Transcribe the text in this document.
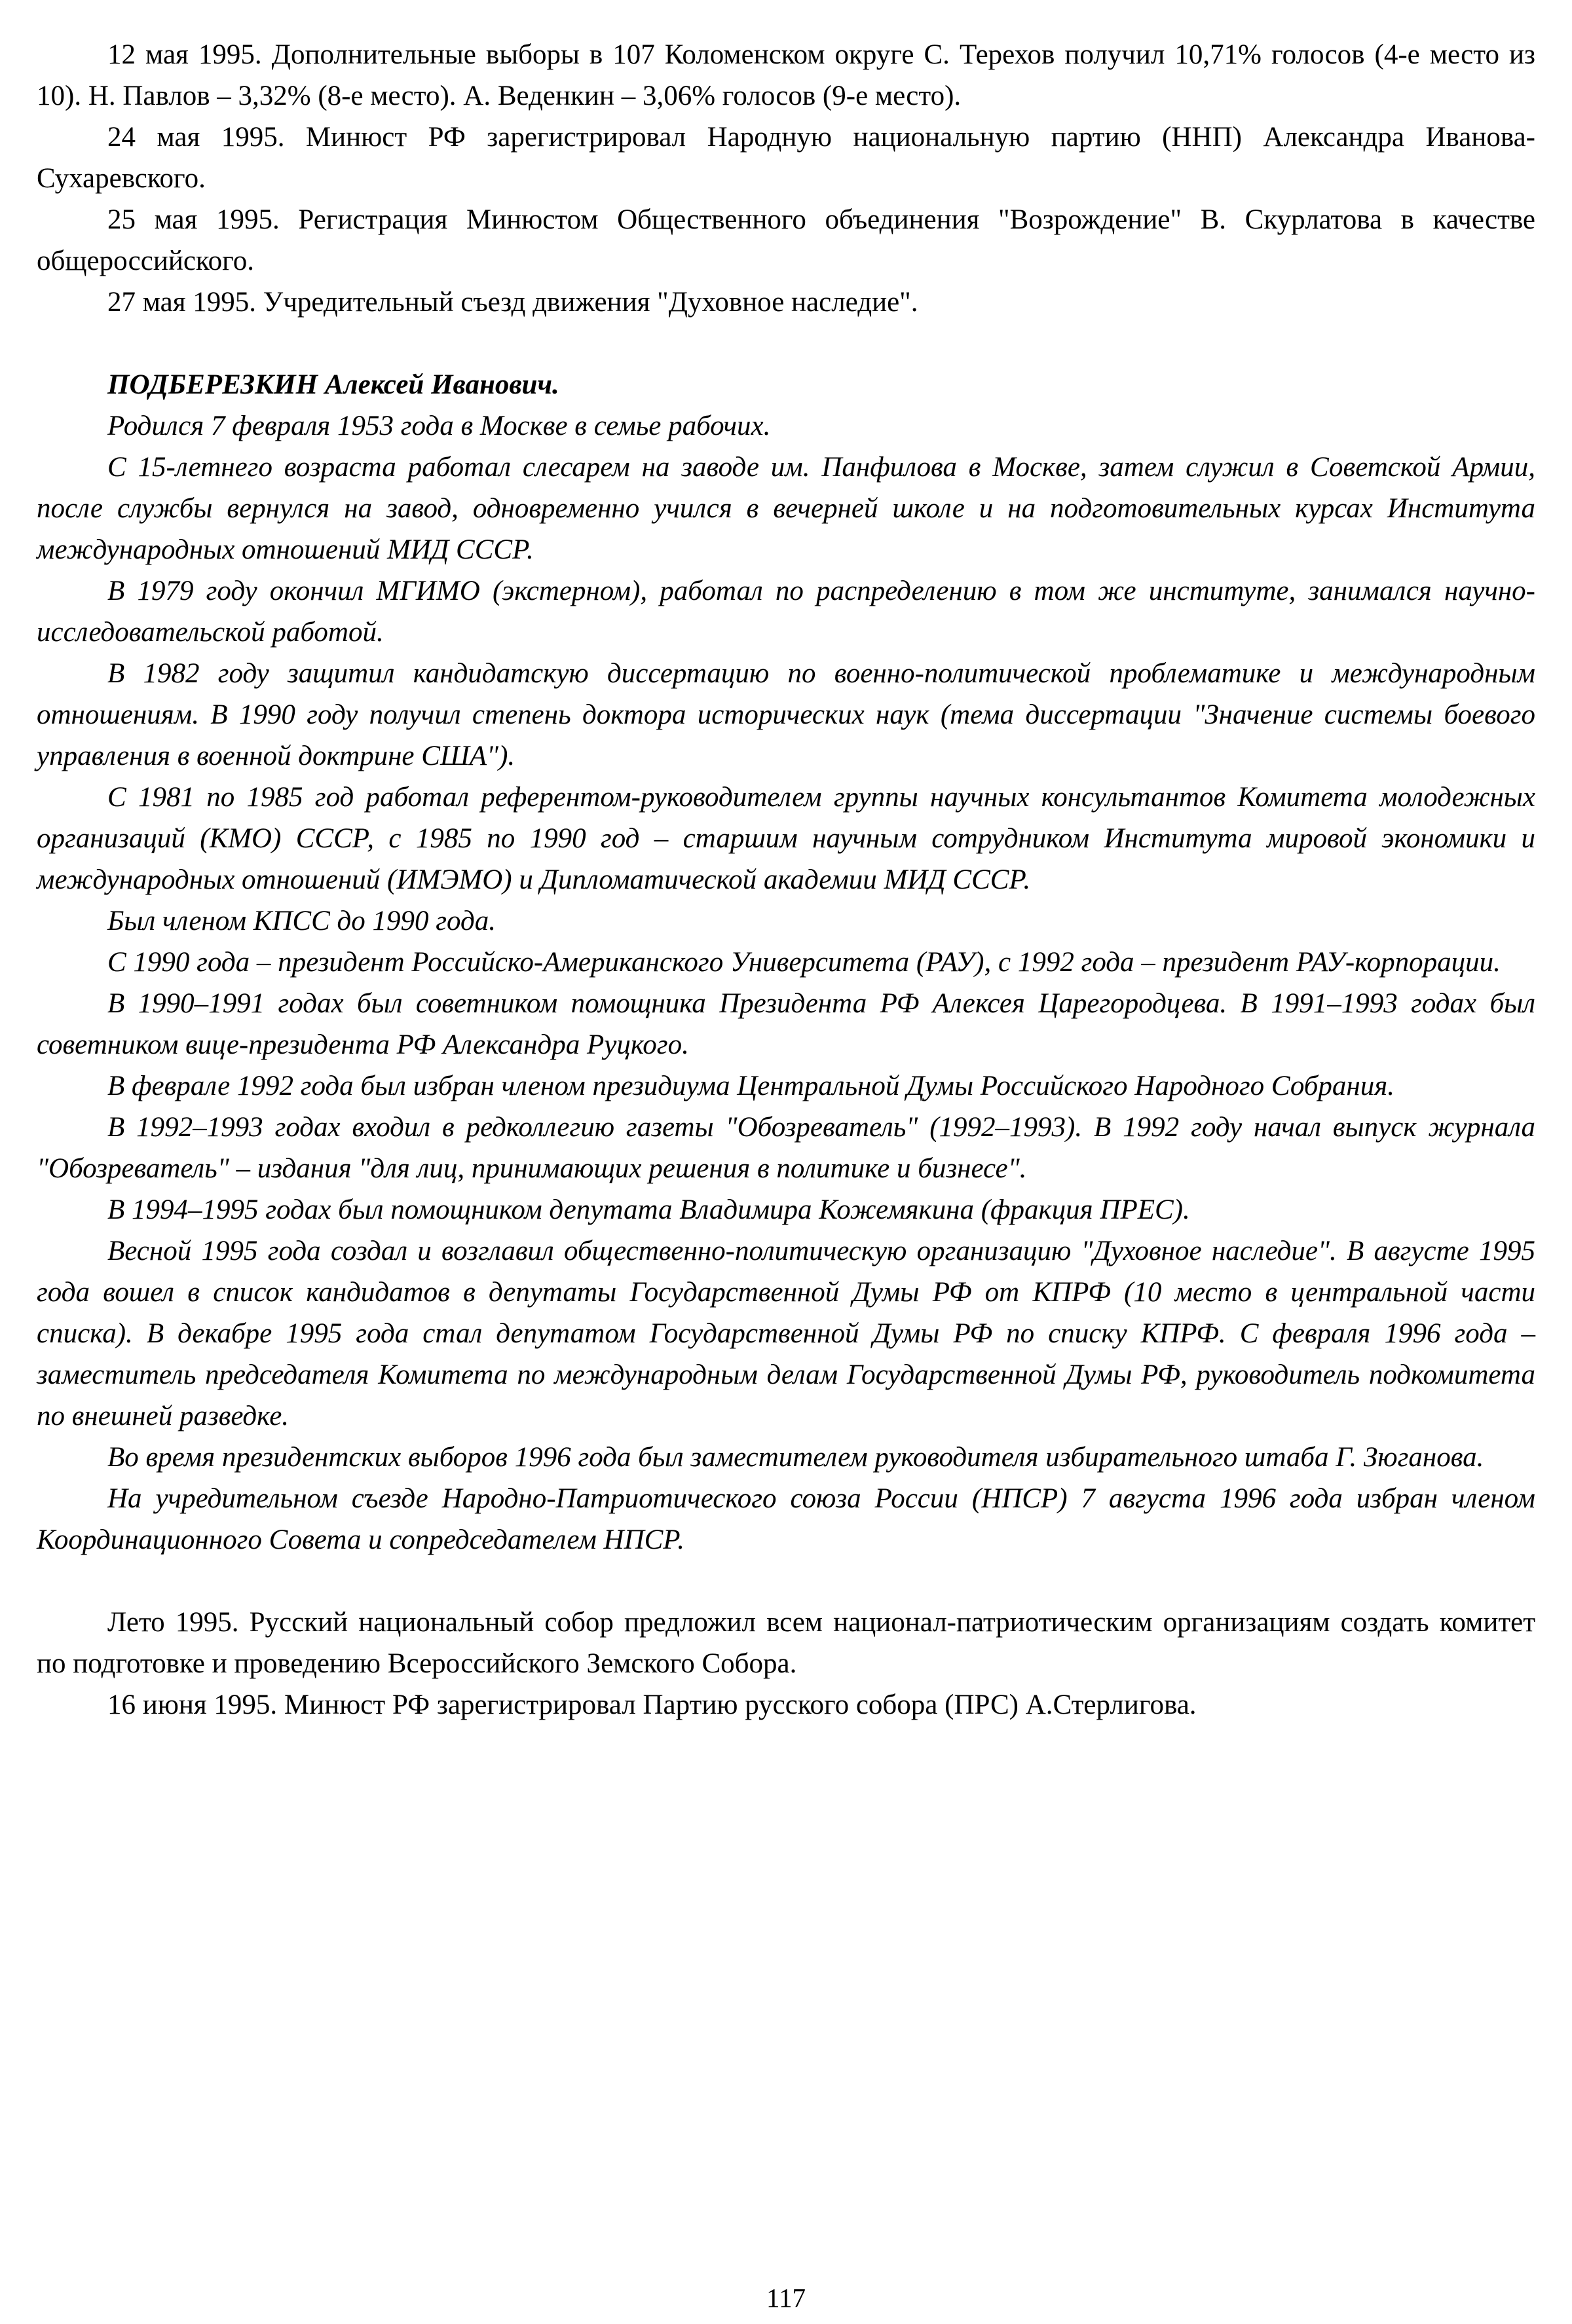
12 мая 1995. Дополнительные выборы в 107 Коломенском округе С. Терехов получил 10,71% голосов (4-е место из 10). Н. Павлов – 3,32% (8-е место). А. Веденкин – 3,06% голосов (9-е место).

24 мая 1995. Минюст РФ зарегистрировал Народную национальную партию (ННП) Александра Иванова-Сухаревского.

25 мая 1995. Регистрация Минюстом Общественного объединения "Возрождение" В. Скурлатова в качестве общероссийского.

27 мая 1995. Учредительный съезд движения "Духовное наследие".

ПОДБЕРЕЗКИН Алексей Иванович.

Родился 7 февраля 1953 года в Москве в семье рабочих.

С 15-летнего возраста работал слесарем на заводе им. Панфилова в Москве, затем служил в Советской Армии, после службы вернулся на завод, одновременно учился в вечерней школе и на подготовительных курсах Института международных отношений МИД СССР.

В 1979 году окончил МГИМО (экстерном), работал по распределению в том же институте, занимался научно-исследовательской работой.

В 1982 году защитил кандидатскую диссертацию по военно-политической проблематике и международным отношениям. В 1990 году получил степень доктора исторических наук (тема диссертации "Значение системы боевого управления в военной доктрине США").

С 1981 по 1985 год работал референтом-руководителем группы научных консультантов Комитета молодежных организаций (КМО) СССР, с 1985 по 1990 год – старшим научным сотрудником Института мировой экономики и международных отношений (ИМЭМО) и Дипломатической академии МИД СССР.

Был членом КПСС до 1990 года.

С 1990 года – президент Российско-Американского Университета (РАУ), с 1992 года – президент РАУ-корпорации.

В 1990–1991 годах был советником помощника Президента РФ Алексея Царегородцева. В 1991–1993 годах был советником вице-президента РФ Александра Руцкого.

В феврале 1992 года был избран членом президиума Центральной Думы Российского Народного Собрания.

В 1992–1993 годах входил в редколлегию газеты "Обозреватель" (1992–1993). В 1992 году начал выпуск журнала "Обозреватель" – издания "для лиц, принимающих решения в политике и бизнесе".

В 1994–1995 годах был помощником депутата Владимира Кожемякина (фракция ПРЕС).

Весной 1995 года создал и возглавил общественно-политическую организацию "Духовное наследие". В августе 1995 года вошел в список кандидатов в депутаты Государственной Думы РФ от КПРФ (10 место в центральной части списка). В декабре 1995 года стал депутатом Государственной Думы РФ по списку КПРФ. С февраля 1996 года – заместитель председателя Комитета по международным делам Государственной Думы РФ, руководитель подкомитета по внешней разведке.

Во время президентских выборов 1996 года был заместителем руководителя избирательного штаба Г. Зюганова.

На учредительном съезде Народно-Патриотического союза России (НПСР) 7 августа 1996 года избран членом Координационного Совета и сопредседателем НПСР.

Лето 1995. Русский национальный собор предложил всем национал-патриотическим организациям создать комитет по подготовке и проведению Всероссийского Земского Собора.

16 июня 1995. Минюст РФ зарегистрировал Партию русского собора (ПРС) А.Стерлигова.

117
